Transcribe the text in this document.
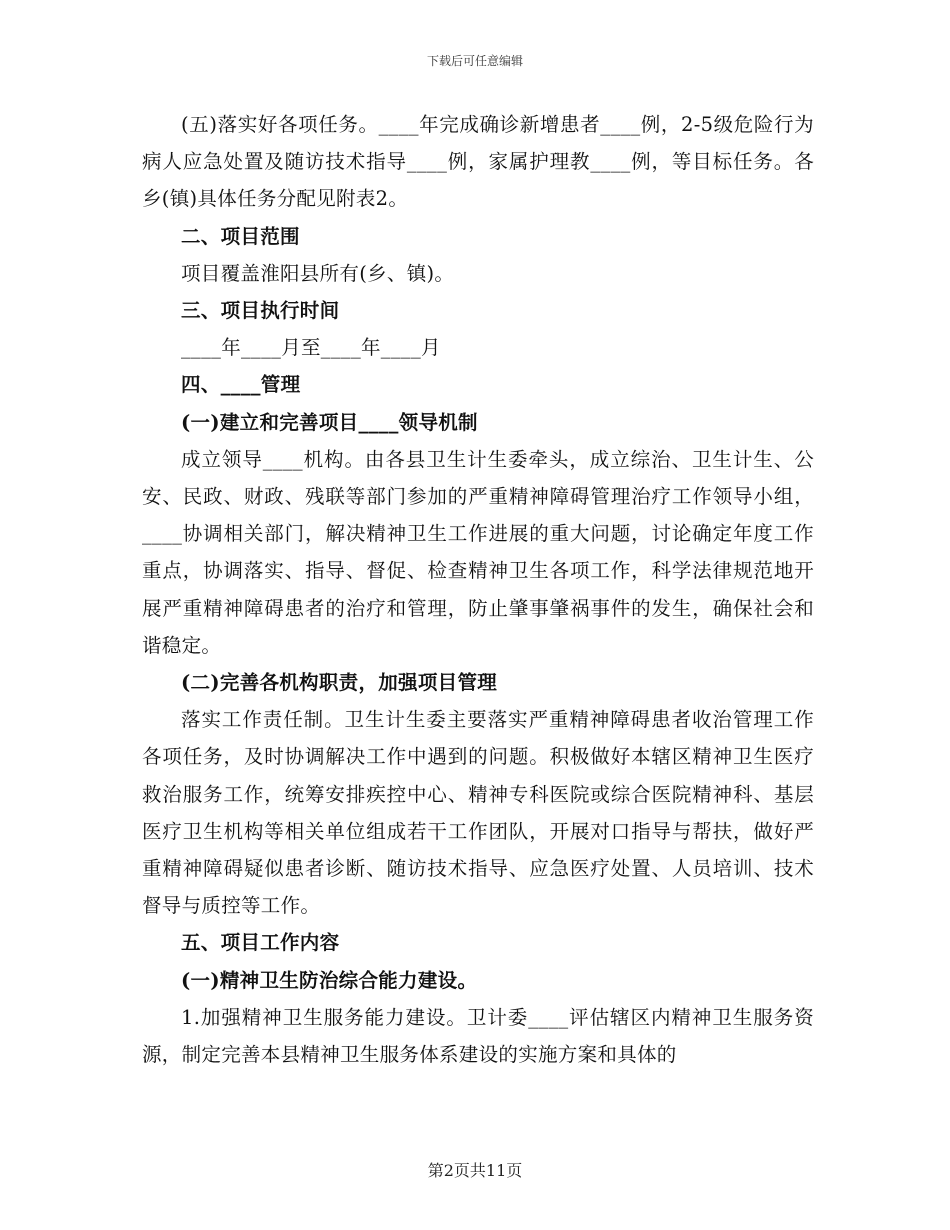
下载后可任意编辑

(五)落实好各项任务。____年完成确诊新增患者____例，2-5级危险行为病人应急处置及随访技术指导____例，家属护理教____例，等目标任务。各乡(镇)具体任务分配见附表2。

二、项目范围

项目覆盖淮阳县所有(乡、镇)。

三、项目执行时间

____年____月至____年____月

四、____管理

(一)建立和完善项目____领导机制

成立领导____机构。由各县卫生计生委牵头，成立综治、卫生计生、公安、民政、财政、残联等部门参加的严重精神障碍管理治疗工作领导小组，____协调相关部门，解决精神卫生工作进展的重大问题，讨论确定年度工作重点，协调落实、指导、督促、检查精神卫生各项工作，科学法律规范地开展严重精神障碍患者的治疗和管理，防止肇事肇祸事件的发生，确保社会和谐稳定。

(二)完善各机构职责，加强项目管理

落实工作责任制。卫生计生委主要落实严重精神障碍患者收治管理工作各项任务，及时协调解决工作中遇到的问题。积极做好本辖区精神卫生医疗救治服务工作，统筹安排疾控中心、精神专科医院或综合医院精神科、基层医疗卫生机构等相关单位组成若干工作团队，开展对口指导与帮扶，做好严重精神障碍疑似患者诊断、随访技术指导、应急医疗处置、人员培训、技术督导与质控等工作。

五、项目工作内容

(一)精神卫生防治综合能力建设。

1.加强精神卫生服务能力建设。卫计委____评估辖区内精神卫生服务资源，制定完善本县精神卫生服务体系建设的实施方案和具体的

第2页共11页
